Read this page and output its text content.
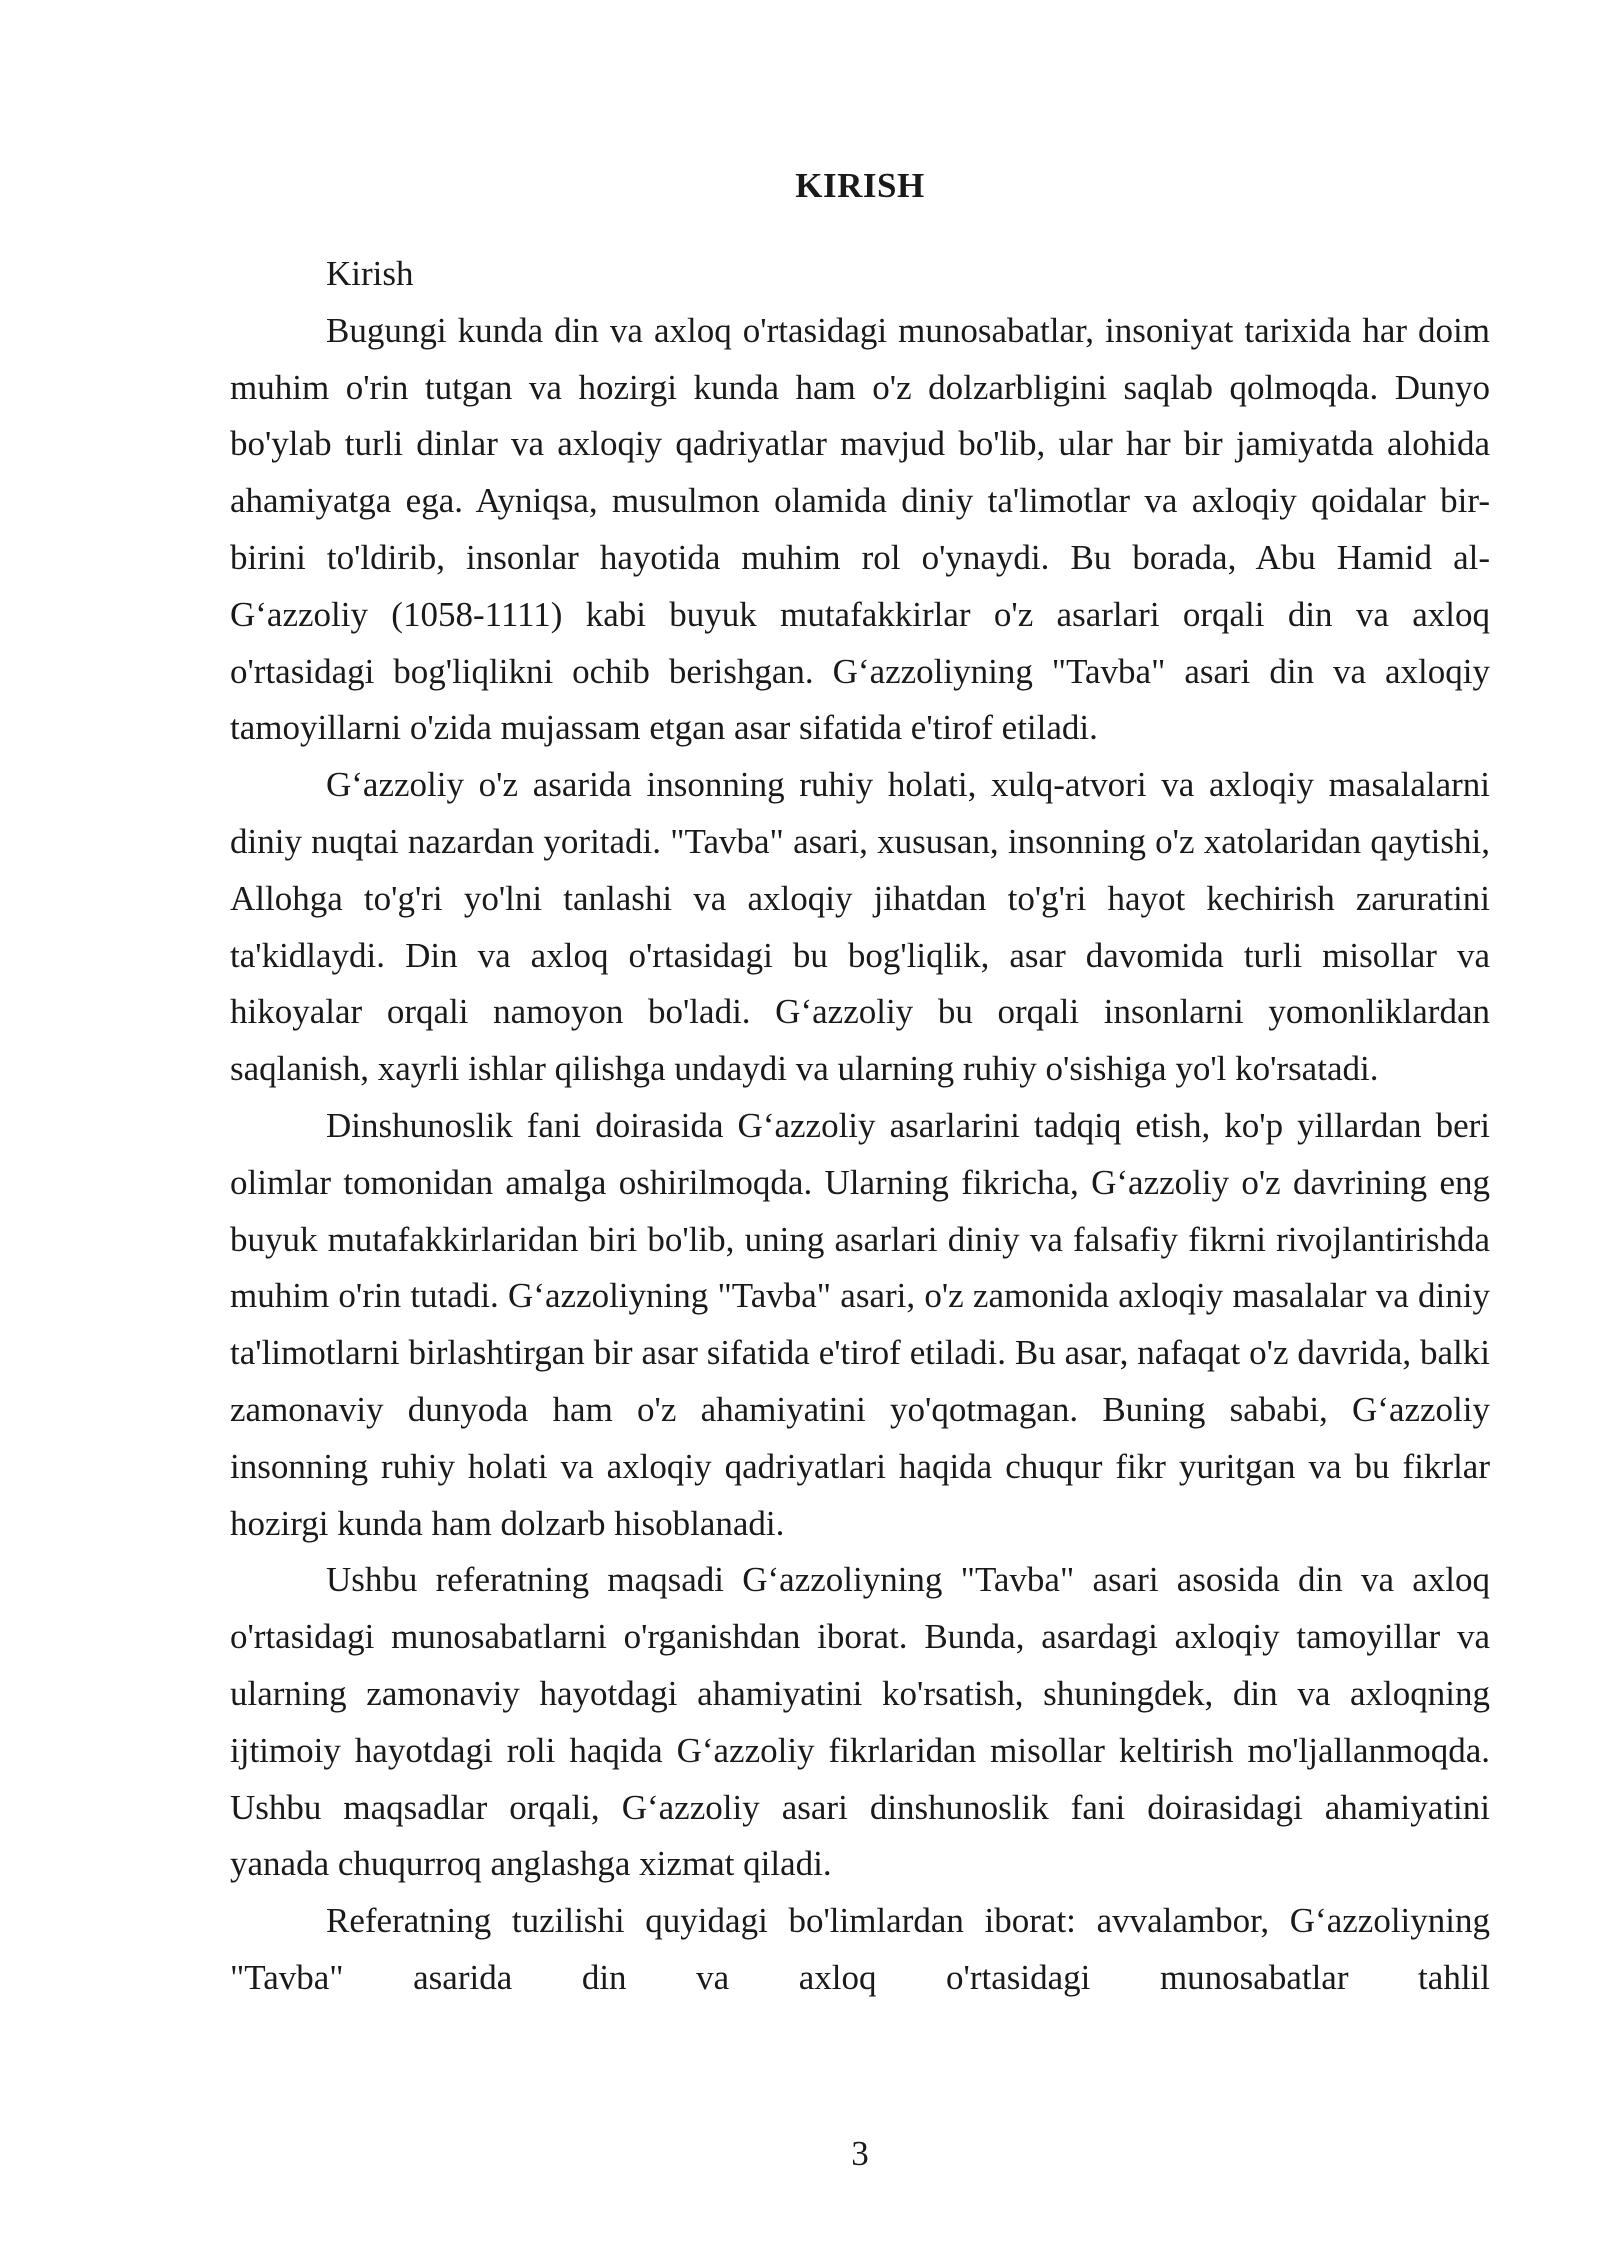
KIRISH

Kirish

Bugungi kunda din va axloq o'rtasidagi munosabatlar, insoniyat tarixida har doim muhim o'rin tutgan va hozirgi kunda ham o'z dolzarbligini saqlab qolmoqda. Dunyo bo'ylab turli dinlar va axloqiy qadriyatlar mavjud bo'lib, ular har bir jamiyatda alohida ahamiyatga ega. Ayniqsa, musulmon olamida diniy ta'limotlar va axloqiy qoidalar bir-birini to'ldirib, insonlar hayotida muhim rol o'ynaydi. Bu borada, Abu Hamid al-G‘azzoliy (1058-1111) kabi buyuk mutafakkirlar o'z asarlari orqali din va axloq o'rtasidagi bog'liqlikni ochib berishgan. G‘azzoliyning "Tavba" asari din va axloqiy tamoyillarni o'zida mujassam etgan asar sifatida e'tirof etiladi.

G‘azzoliy o'z asarida insonning ruhiy holati, xulq-atvori va axloqiy masalalarni diniy nuqtai nazardan yoritadi. "Tavba" asari, xususan, insonning o'z xatolaridan qaytishi, Allohga to'g'ri yo'lni tanlashi va axloqiy jihatdan to'g'ri hayot kechirish zaruratini ta'kidlaydi. Din va axloq o'rtasidagi bu bog'liqlik, asar davomida turli misollar va hikoyalar orqali namoyon bo'ladi. G‘azzoliy bu orqali insonlarni yomonliklardan saqlanish, xayrli ishlar qilishga undaydi va ularning ruhiy o'sishiga yo'l ko'rsatadi.

Dinshunoslik fani doirasida G‘azzoliy asarlarini tadqiq etish, ko'p yillardan beri olimlar tomonidan amalga oshirilmoqda. Ularning fikricha, G‘azzoliy o'z davrining eng buyuk mutafakkirlaridan biri bo'lib, uning asarlari diniy va falsafiy fikrni rivojlantirishda muhim o'rin tutadi. G‘azzoliyning "Tavba" asari, o'z zamonida axloqiy masalalar va diniy ta'limotlarni birlashtirgan bir asar sifatida e'tirof etiladi. Bu asar, nafaqat o'z davrida, balki zamonaviy dunyoda ham o'z ahamiyatini yo'qotmagan. Buning sababi, G‘azzoliy insonning ruhiy holati va axloqiy qadriyatlari haqida chuqur fikr yuritgan va bu fikrlar hozirgi kunda ham dolzarb hisoblanadi.

Ushbu referatning maqsadi G‘azzoliyning "Tavba" asari asosida din va axloq o'rtasidagi munosabatlarni o'rganishdan iborat. Bunda, asardagi axloqiy tamoyillar va ularning zamonaviy hayotdagi ahamiyatini ko'rsatish, shuningdek, din va axloqning ijtimoiy hayotdagi roli haqida G‘azzoliy fikrlaridan misollar keltirish mo'ljallanmoqda. Ushbu maqsadlar orqali, G‘azzoliy asari dinshunoslik fani doirasidagi ahamiyatini yanada chuqurroq anglashga xizmat qiladi.

Referatning tuzilishi quyidagi bo'limlardan iborat: avvalambor, G‘azzoliyning "Tavba" asarida din va axloq o'rtasidagi munosabatlar tahlil

3
